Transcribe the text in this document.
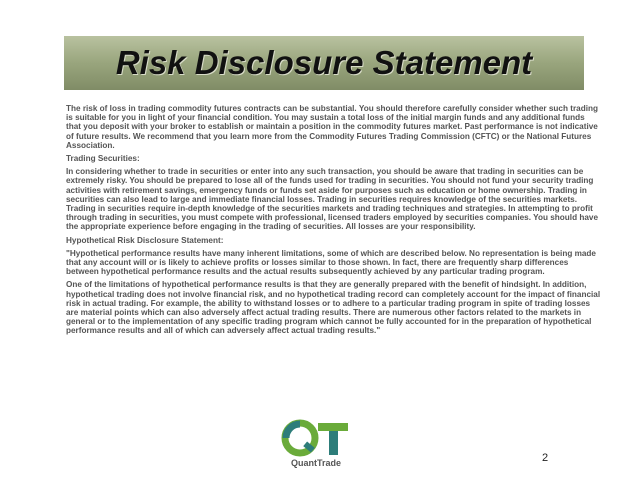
Risk Disclosure Statement

The risk of loss in trading commodity futures contracts can be substantial. You should therefore carefully consider whether such trading is suitable for you in light of your financial condition. You may sustain a total loss of the initial margin funds and any additional funds that you deposit with your broker to establish or maintain a position in the commodity futures market. Past performance is not indicative of future results. We recommend that you learn more from the Commodity Futures Trading Commission (CFTC) or the National Futures Association.

Trading Securities:

In considering whether to trade in securities or enter into any such transaction, you should be aware that trading in securities can be extremely risky. You should be prepared to lose all of the funds used for trading in securities. You should not fund your security trading activities with retirement savings, emergency funds or funds set aside for purposes such as education or home ownership. Trading in securities can also lead to large and immediate financial losses. Trading in securities requires knowledge of the securities markets. Trading in securities require in-depth knowledge of the securities markets and trading techniques and strategies. In attempting to profit through trading in securities, you must compete with professional, licensed traders employed by securities companies. You should have the appropriate experience before engaging in the trading of securities. All losses are your responsibility.

Hypothetical Risk Disclosure Statement:

"Hypothetical performance results have many inherent limitations, some of which are described below. No representation is being made that any account will or is likely to achieve profits or losses similar to those shown. In fact, there are frequently sharp differences between hypothetical performance results and the actual results subsequently achieved by any particular trading program.

One of the limitations of hypothetical performance results is that they are generally prepared with the benefit of hindsight. In addition, hypothetical trading does not involve financial risk, and no hypothetical trading record can completely account for the impact of financial risk in actual trading. For example, the ability to withstand losses or to adhere to a particular trading program in spite of trading losses are material points which can also adversely affect actual trading results. There are numerous other factors related to the markets in general or to the implementation of any specific trading program which cannot be fully accounted for in the preparation of hypothetical performance results and all of which can adversely affect actual trading results."

QuantTrade	2
